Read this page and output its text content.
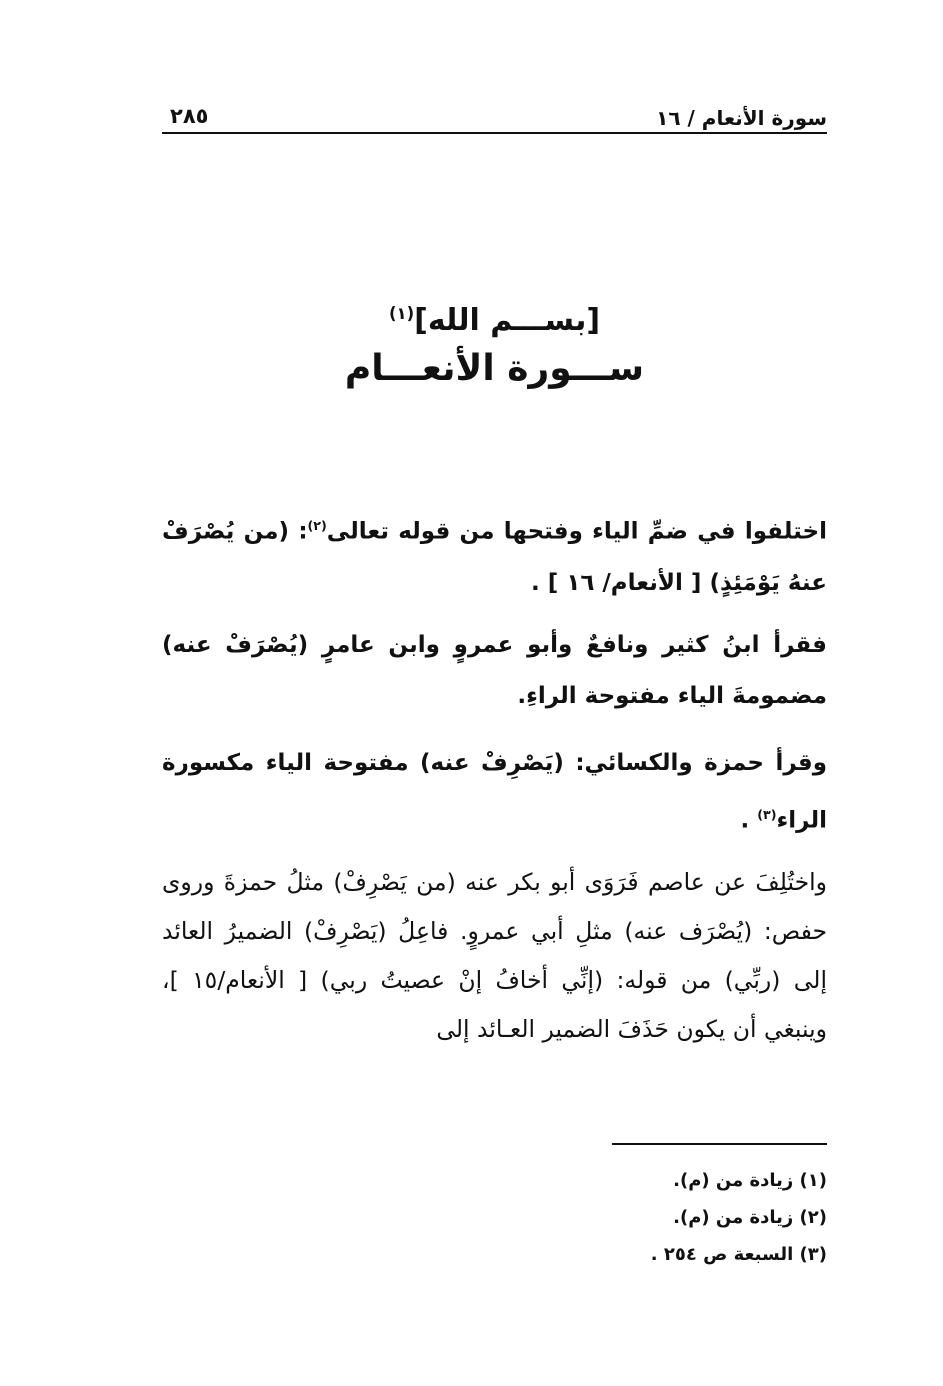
سورة الأنعام / ١٦
٢٨٥
[بســـم الله]$^{(١)}$
ســـورة الأنعـــام
اختلفوا في ضمِّ الياء وفتحها من قوله تعالى$^{(٢)}$: (من يُصْرَفْ عنهُ يَوْمَئِذٍ) [ الأنعام/ ١٦ ] .
فقرأ ابنُ كثير ونافعٌ وأبو عمروٍ وابن عامرٍ (يُصْرَفْ عنه) مضمومةَ الياء مفتوحة الراءِ.
وقرأ حمزة والكسائي: (يَصْرِفْ عنه) مفتوحة الياء مكسورة الراء$^{(٣)}$ .
واختُلِفَ عن عاصم فَرَوَى أبو بكر عنه (من يَصْرِفْ) مثلُ حمزةَ وروى حفص: (يُصْرَف عنه) مثلِ أبي عمروٍ. فاعِلُ (يَصْرِفْ) الضميرُ العائد إلى (ربِّي) من قوله: (إنِّي أخافُ إنْ عصيتُ ربي) [ الأنعام/١٥ ]، وينبغي أن يكون حَذَفَ الضمير العـائد إلى
(١) زيادة من (م).
(٢) زيادة من (م).
(٣) السبعة ص ٢٥٤ .
